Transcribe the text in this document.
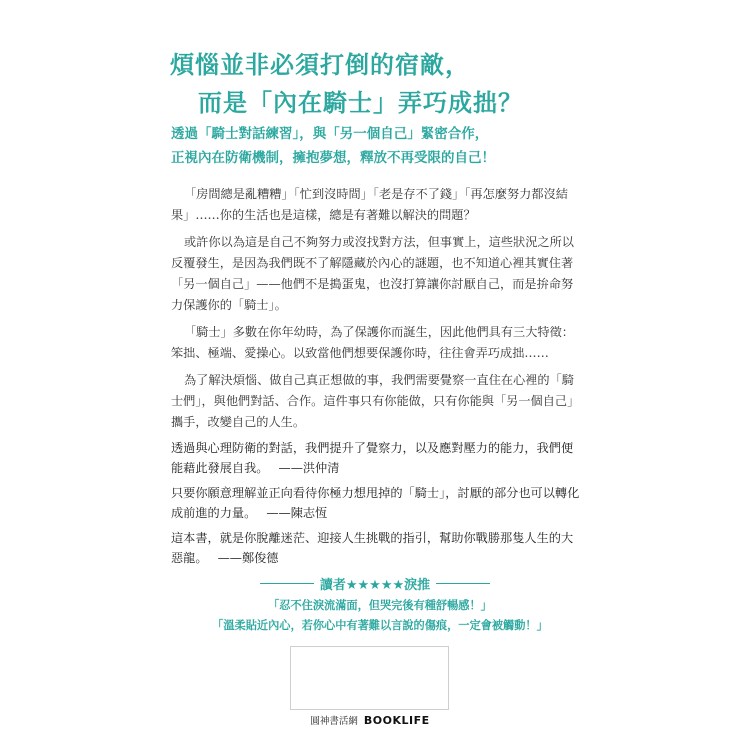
煩惱並非必須打倒的宿敵，
而是「內在騎士」弄巧成拙？
透過「騎士對話練習」，與「另一個自己」緊密合作，
正視內在防衛機制，擁抱夢想，釋放不再受限的自己！

「房間總是亂糟糟」「忙到沒時間」「老是存不了錢」「再怎麼努力都沒結果」……你的生活也是這樣，總是有著難以解決的問題？

或許你以為這是自己不夠努力或沒找對方法，但事實上，這些狀況之所以反覆發生，是因為我們既不了解隱藏於內心的謎題，也不知道心裡其實住著「另一個自己」——他們不是搗蛋鬼，也沒打算讓你討厭自己，而是拚命努力保護你的「騎士」。

「騎士」多數在你年幼時，為了保護你而誕生，因此他們具有三大特徵：笨拙、極端、愛操心。以致當他們想要保護你時，往往會弄巧成拙……

為了解決煩惱、做自己真正想做的事，我們需要覺察一直住在心裡的「騎士們」，與他們對話、合作。這件事只有你能做，只有你能與「另一個自己」攜手，改變自己的人生。

透過與心理防衛的對話，我們提升了覺察力，以及應對壓力的能力，我們便能藉此發展自我。 ——洪仲清

只要你願意理解並正向看待你極力想甩掉的「騎士」，討厭的部分也可以轉化成前進的力量。 ——陳志恆

這本書，就是你脫離迷茫、迎接人生挑戰的指引，幫助你戰勝那隻人生的大惡龍。 ——鄭俊德

讀者★★★★★淚推
「忍不住淚流滿面，但哭完後有種舒暢感！」
「溫柔貼近內心，若你心中有著難以言說的傷痕，一定會被觸動！」
圓神書活網 BOOKLIFE
